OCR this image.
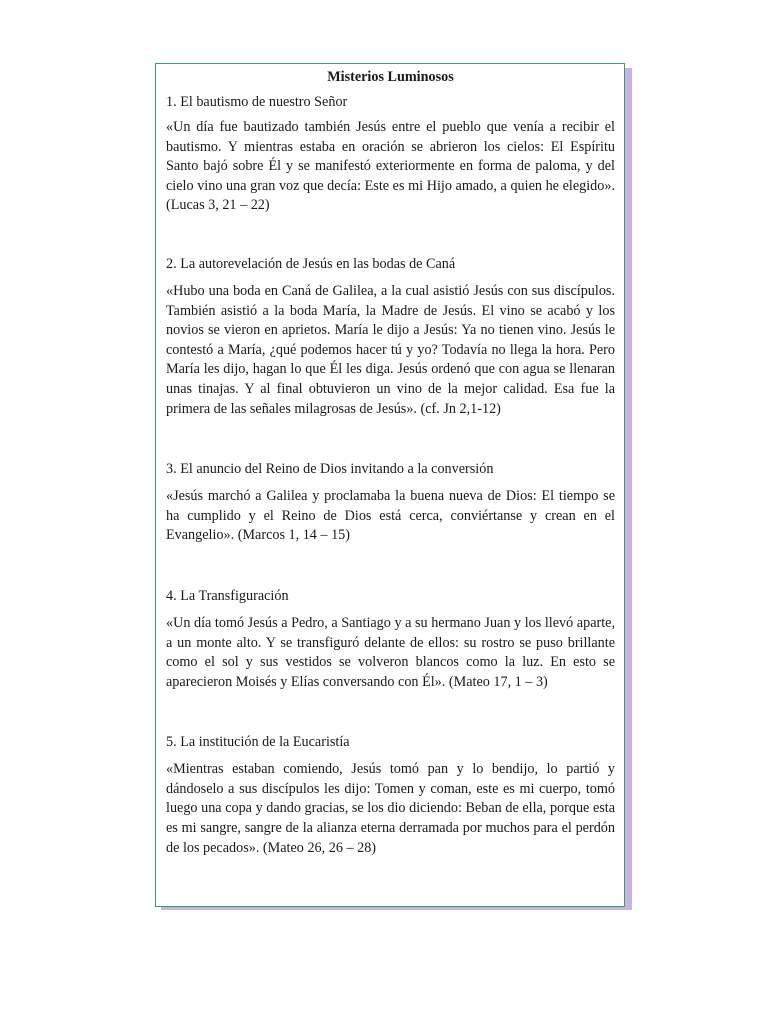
Misterios Luminosos

1. El bautismo de nuestro Señor

«Un día fue bautizado también Jesús entre el pueblo que venía a recibir el bautismo. Y mientras estaba en oración se abrieron los cielos: El Espíritu Santo bajó sobre Él y se manifestó exteriormente en forma de paloma, y del cielo vino una gran voz que decía: Este es mi Hijo amado, a quien he elegido». (Lucas 3, 21 – 22)

2. La autorevelación de Jesús en las bodas de Caná

«Hubo una boda en Caná de Galilea, a la cual asistió Jesús con sus discípulos. También asistió a la boda María, la Madre de Jesús. El vino se acabó y los novios se vieron en aprietos. María le dijo a Jesús: Ya no tienen vino. Jesús le contestó a María, ¿qué podemos hacer tú y yo? Todavía no llega la hora. Pero María les dijo, hagan lo que Él les diga. Jesús ordenó que con agua se llenaran unas tinajas. Y al final obtuvieron un vino de la mejor calidad. Esa fue la primera de las señales milagrosas de Jesús». (cf. Jn 2,1-12)

3. El anuncio del Reino de Dios invitando a la conversión

«Jesús marchó a Galilea y proclamaba la buena nueva de Dios: El tiempo se ha cumplido y el Reino de Dios está cerca, conviértanse y crean en el Evangelio». (Marcos 1, 14 – 15)

4. La Transfiguración

«Un día tomó Jesús a Pedro, a Santiago y a su hermano Juan y los llevó aparte, a un monte alto. Y se transfiguró delante de ellos: su rostro se puso brillante como el sol y sus vestidos se volveron blancos como la luz. En esto se aparecieron Moisés y Elías conversando con Él». (Mateo 17, 1 – 3)

5. La institución de la Eucaristía

«Mientras estaban comiendo, Jesús tomó pan y lo bendijo, lo partió y dándoselo a sus discípulos les dijo: Tomen y coman, este es mi cuerpo, tomó luego una copa y dando gracias, se los dio diciendo: Beban de ella, porque esta es mi sangre, sangre de la alianza eterna derramada por muchos para el perdón de los pecados». (Mateo 26, 26 – 28)
